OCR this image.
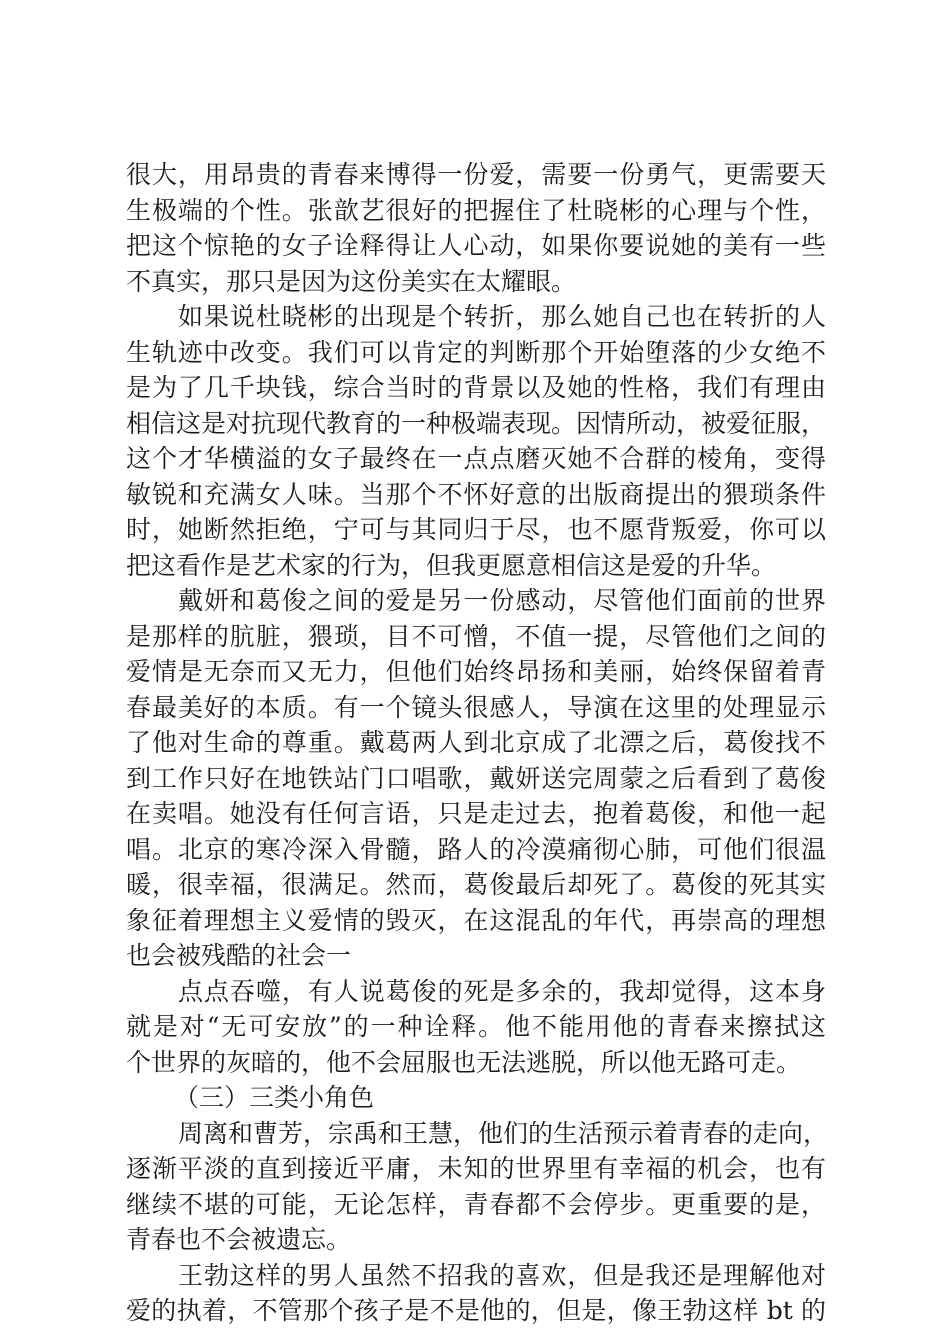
很大，用昂贵的青春来博得一份爱，需要一份勇气，更需要天
生极端的个性。张歆艺很好的把握住了杜晓彬的心理与个性，
把这个惊艳的女子诠释得让人心动，如果你要说她的美有一些
不真实，那只是因为这份美实在太耀眼。
如果说杜晓彬的出现是个转折，那么她自己也在转折的人
生轨迹中改变。我们可以肯定的判断那个开始堕落的少女绝不
是为了几千块钱，综合当时的背景以及她的性格，我们有理由
相信这是对抗现代教育的一种极端表现。因情所动，被爱征服，
这个才华横溢的女子最终在一点点磨灭她不合群的棱角，变得
敏锐和充满女人味。当那个不怀好意的出版商提出的猥琐条件
时，她断然拒绝，宁可与其同归于尽，也不愿背叛爱，你可以
把这看作是艺术家的行为，但我更愿意相信这是爱的升华。
戴妍和葛俊之间的爱是另一份感动，尽管他们面前的世界
是那样的肮脏，猥琐，目不可憎，不值一提，尽管他们之间的
爱情是无奈而又无力，但他们始终昂扬和美丽，始终保留着青
春最美好的本质。有一个镜头很感人，导演在这里的处理显示
了他对生命的尊重。戴葛两人到北京成了北漂之后，葛俊找不
到工作只好在地铁站门口唱歌，戴妍送完周蒙之后看到了葛俊
在卖唱。她没有任何言语，只是走过去，抱着葛俊，和他一起
唱。北京的寒冷深入骨髓，路人的冷漠痛彻心肺，可他们很温
暖，很幸福，很满足。然而，葛俊最后却死了。葛俊的死其实
象征着理想主义爱情的毁灭，在这混乱的年代，再崇高的理想
也会被残酷的社会一
点点吞噬，有人说葛俊的死是多余的，我却觉得，这本身
就是对“无可安放”的一种诠释。他不能用他的青春来擦拭这
个世界的灰暗的，他不会屈服也无法逃脱，所以他无路可走。
（三）三类小角色
周离和曹芳，宗禹和王慧，他们的生活预示着青春的走向，
逐渐平淡的直到接近平庸，未知的世界里有幸福的机会，也有
继续不堪的可能，无论怎样，青春都不会停步。更重要的是，
青春也不会被遗忘。
王勃这样的男人虽然不招我的喜欢，但是我还是理解他对
爱的执着，不管那个孩子是不是他的，但是，像王勃这样 bt 的
